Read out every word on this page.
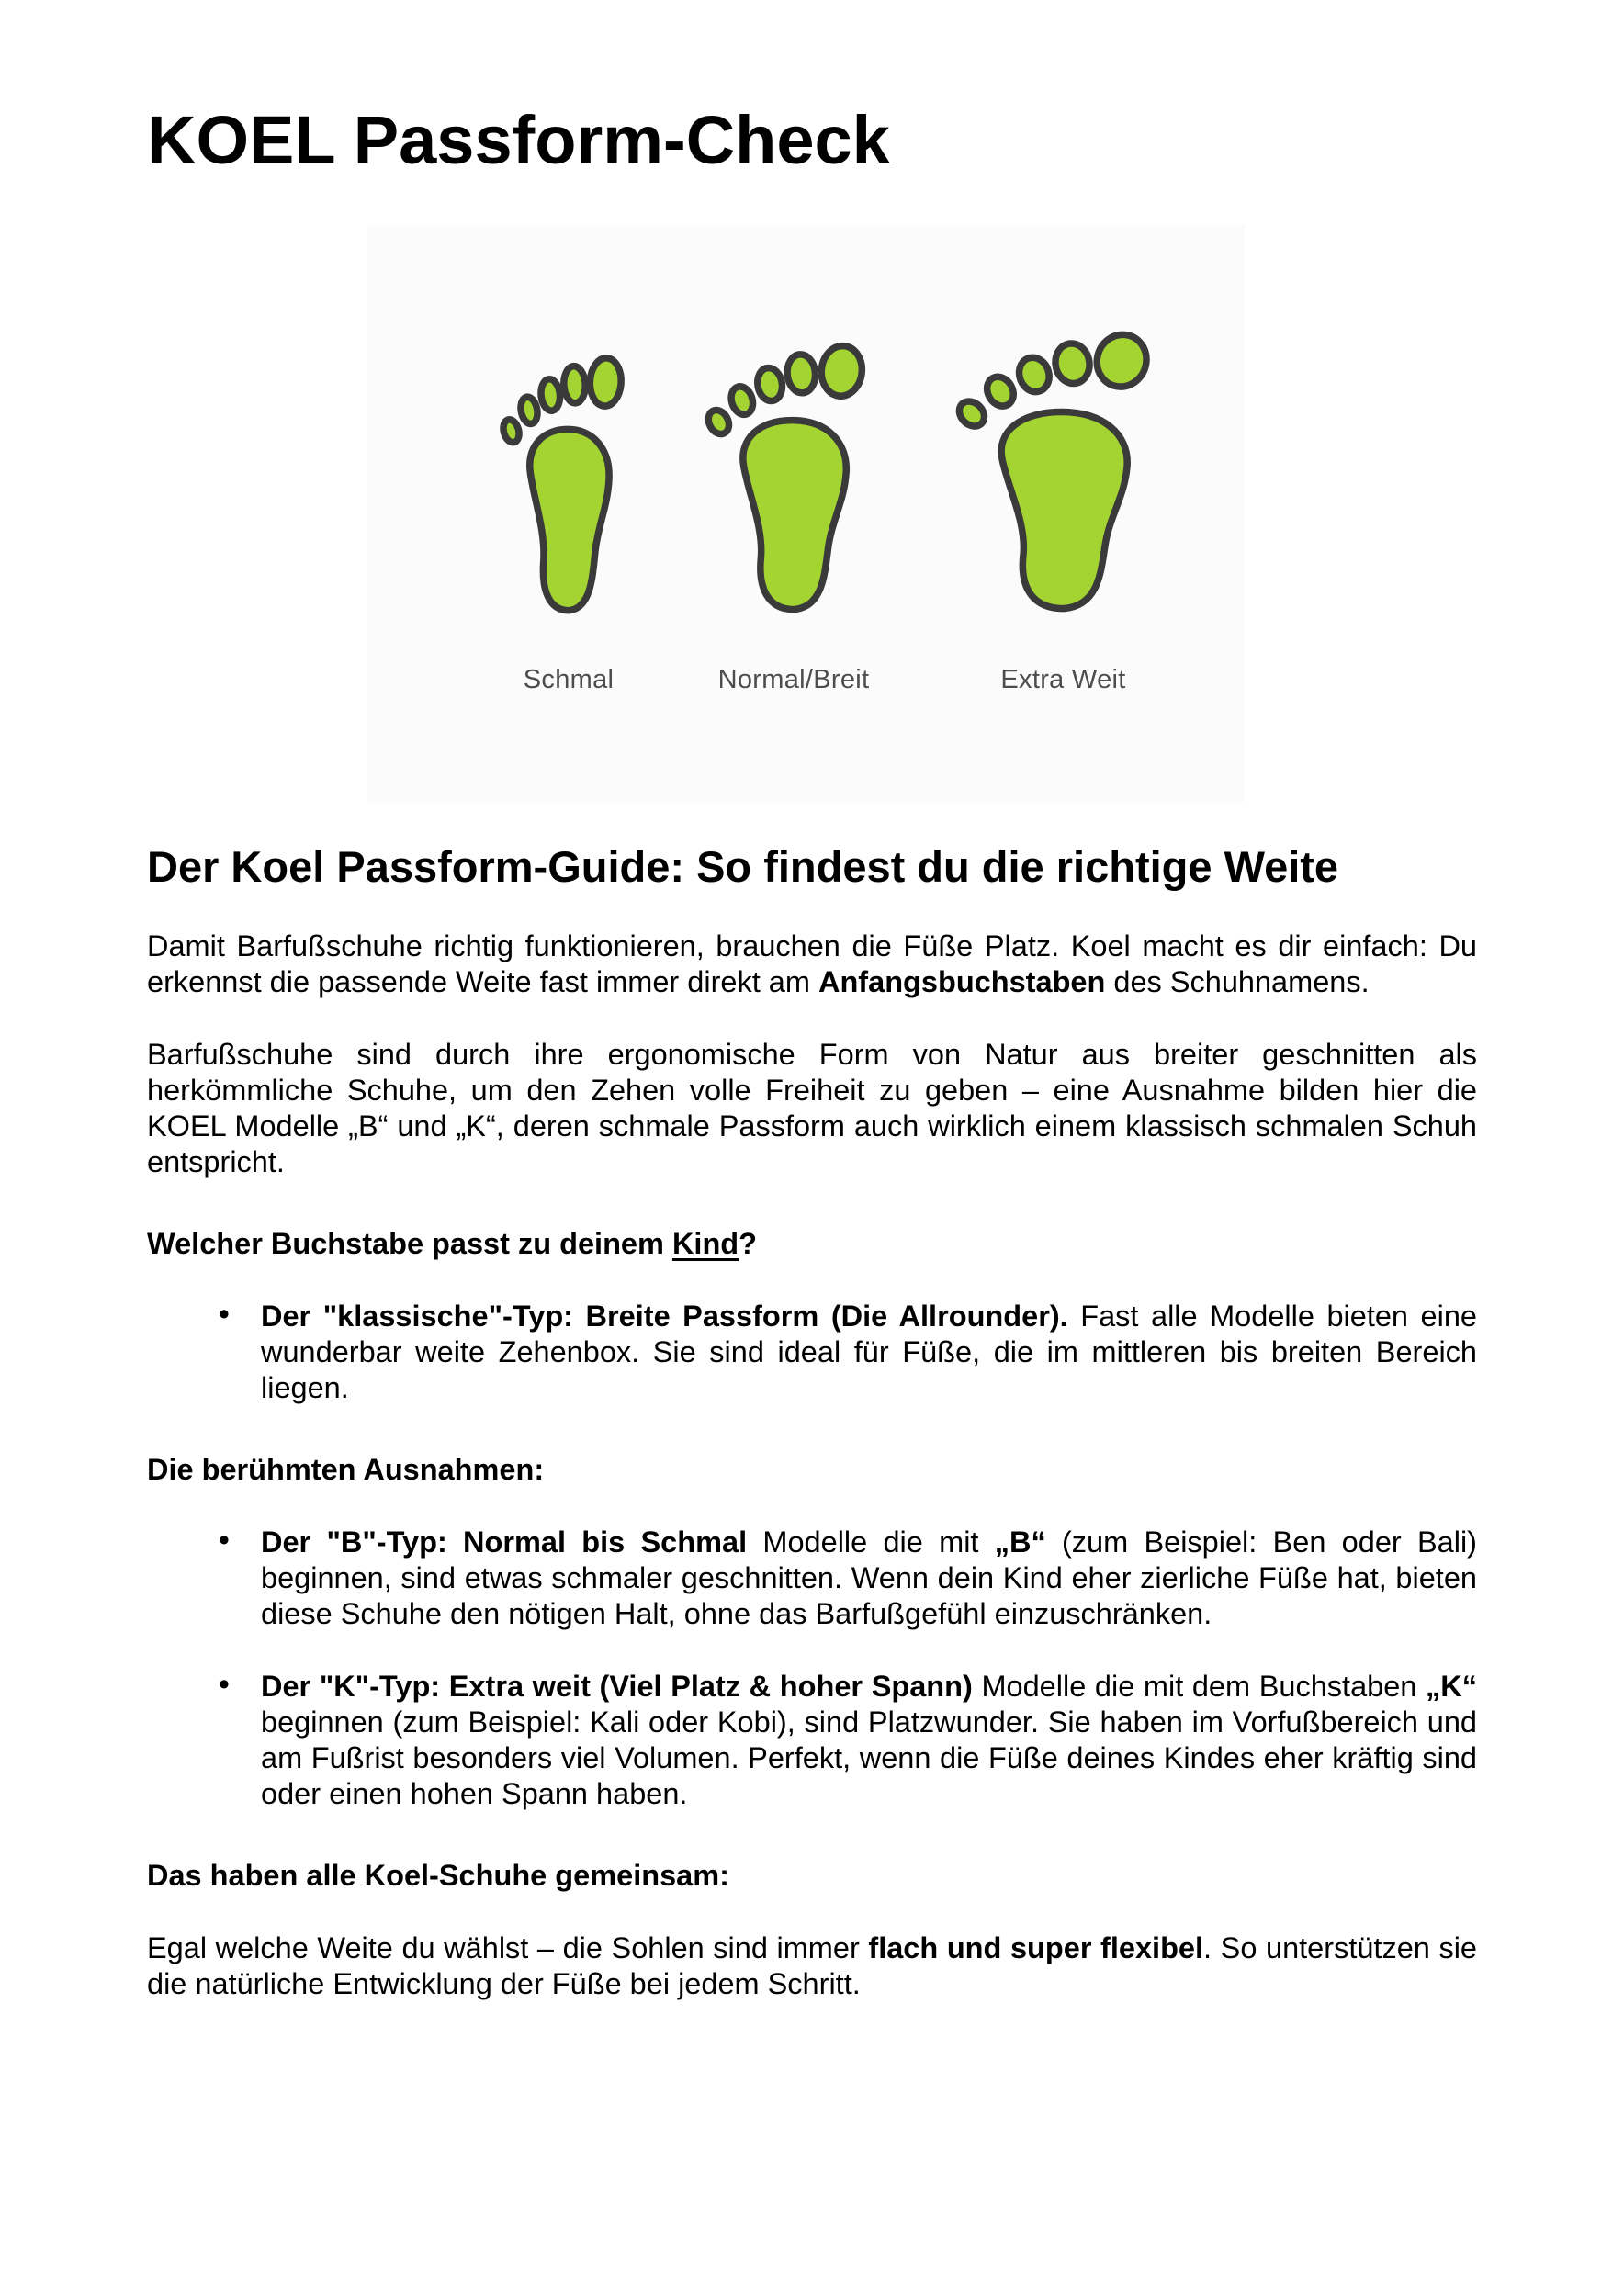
KOEL Passform-Check
Schmal	Normal/Breit	Extra Weit
Der Koel Passform-Guide: So findest du die richtige Weite

Damit Barfußschuhe richtig funktionieren, brauchen die Füße Platz. Koel macht es dir einfach: Du erkennst die passende Weite fast immer direkt am Anfangsbuchstaben des Schuhnamens.

Barfußschuhe sind durch ihre ergonomische Form von Natur aus breiter geschnitten als herkömmliche Schuhe, um den Zehen volle Freiheit zu geben – eine Ausnahme bilden hier die KOEL Modelle „B“ und „K“, deren schmale Passform auch wirklich einem klassisch schmalen Schuh entspricht.

Welcher Buchstabe passt zu deinem Kind?
• Der "klassische"-Typ: Breite Passform (Die Allrounder). Fast alle Modelle bieten eine wunderbar weite Zehenbox. Sie sind ideal für Füße, die im mittleren bis breiten Bereich liegen.
Die berühmten Ausnahmen:
• Der "B"-Typ: Normal bis Schmal Modelle die mit „B“ (zum Beispiel: Ben oder Bali) beginnen, sind etwas schmaler geschnitten. Wenn dein Kind eher zierliche Füße hat, bieten diese Schuhe den nötigen Halt, ohne das Barfußgefühl einzuschränken.
• Der "K"-Typ: Extra weit (Viel Platz & hoher Spann) Modelle die mit dem Buchstaben „K“ beginnen (zum Beispiel: Kali oder Kobi), sind Platzwunder. Sie haben im Vorfußbereich und am Fußrist besonders viel Volumen. Perfekt, wenn die Füße deines Kindes eher kräftig sind oder einen hohen Spann haben.
Das haben alle Koel-Schuhe gemeinsam:

Egal welche Weite du wählst – die Sohlen sind immer flach und super flexibel. So unterstützen sie die natürliche Entwicklung der Füße bei jedem Schritt.
